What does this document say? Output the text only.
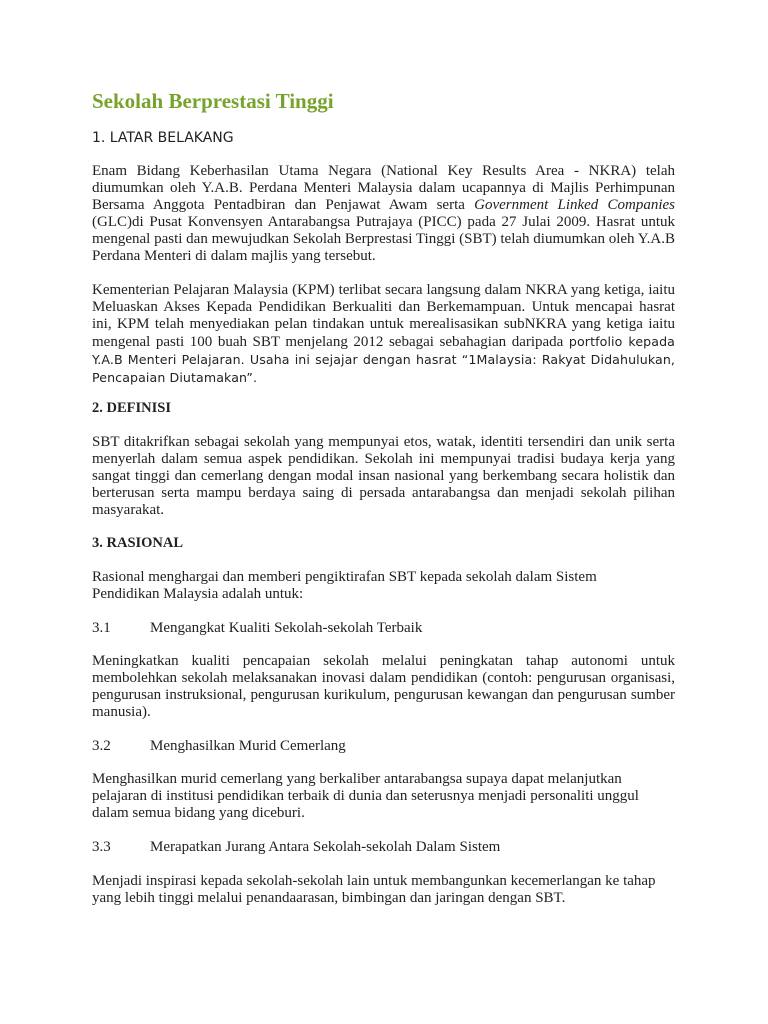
Sekolah Berprestasi Tinggi
1. LATAR BELAKANG

Enam Bidang Keberhasilan Utama Negara (National Key Results Area - NKRA) telah diumumkan oleh Y.A.B. Perdana Menteri Malaysia dalam ucapannya di Majlis Perhimpunan Bersama Anggota Pentadbiran dan Penjawat Awam serta Government Linked Companies (GLC)di Pusat Konvensyen Antarabangsa Putrajaya (PICC) pada 27 Julai 2009. Hasrat untuk mengenal pasti dan mewujudkan Sekolah Berprestasi Tinggi (SBT) telah diumumkan oleh Y.A.B Perdana Menteri di dalam majlis yang tersebut.

Kementerian Pelajaran Malaysia (KPM) terlibat secara langsung dalam NKRA yang ketiga, iaitu Meluaskan Akses Kepada Pendidikan Berkualiti dan Berkemampuan. Untuk mencapai hasrat ini, KPM telah menyediakan pelan tindakan untuk merealisasikan subNKRA yang ketiga iaitu mengenal pasti 100 buah SBT menjelang 2012 sebagai sebahagian daripada portfolio kepada Y.A.B Menteri Pelajaran. Usaha ini sejajar dengan hasrat “1Malaysia: Rakyat Didahulukan, Pencapaian Diutamakan”.

2. DEFINISI

SBT ditakrifkan sebagai sekolah yang mempunyai etos, watak, identiti tersendiri dan unik serta menyerlah dalam semua aspek pendidikan. Sekolah ini mempunyai tradisi budaya kerja yang sangat tinggi dan cemerlang dengan modal insan nasional yang berkembang secara holistik dan berterusan serta mampu berdaya saing di persada antarabangsa dan menjadi sekolah pilihan masyarakat.

3. RASIONAL

Rasional menghargai dan memberi pengiktirafan SBT kepada sekolah dalam Sistem Pendidikan Malaysia adalah untuk:

3.1	Mengangkat Kualiti Sekolah-sekolah Terbaik

Meningkatkan kualiti pencapaian sekolah melalui peningkatan tahap autonomi untuk membolehkan sekolah melaksanakan inovasi dalam pendidikan (contoh: pengurusan organisasi, pengurusan instruksional, pengurusan kurikulum, pengurusan kewangan dan pengurusan sumber manusia).

3.2	Menghasilkan Murid Cemerlang

Menghasilkan murid cemerlang yang berkaliber antarabangsa supaya dapat melanjutkan pelajaran di institusi pendidikan terbaik di dunia dan seterusnya menjadi personaliti unggul dalam semua bidang yang diceburi.

3.3	Merapatkan Jurang Antara Sekolah-sekolah Dalam Sistem

Menjadi inspirasi kepada sekolah-sekolah lain untuk membangunkan kecemerlangan ke tahap yang lebih tinggi melalui penandaarasan, bimbingan dan jaringan dengan SBT.
